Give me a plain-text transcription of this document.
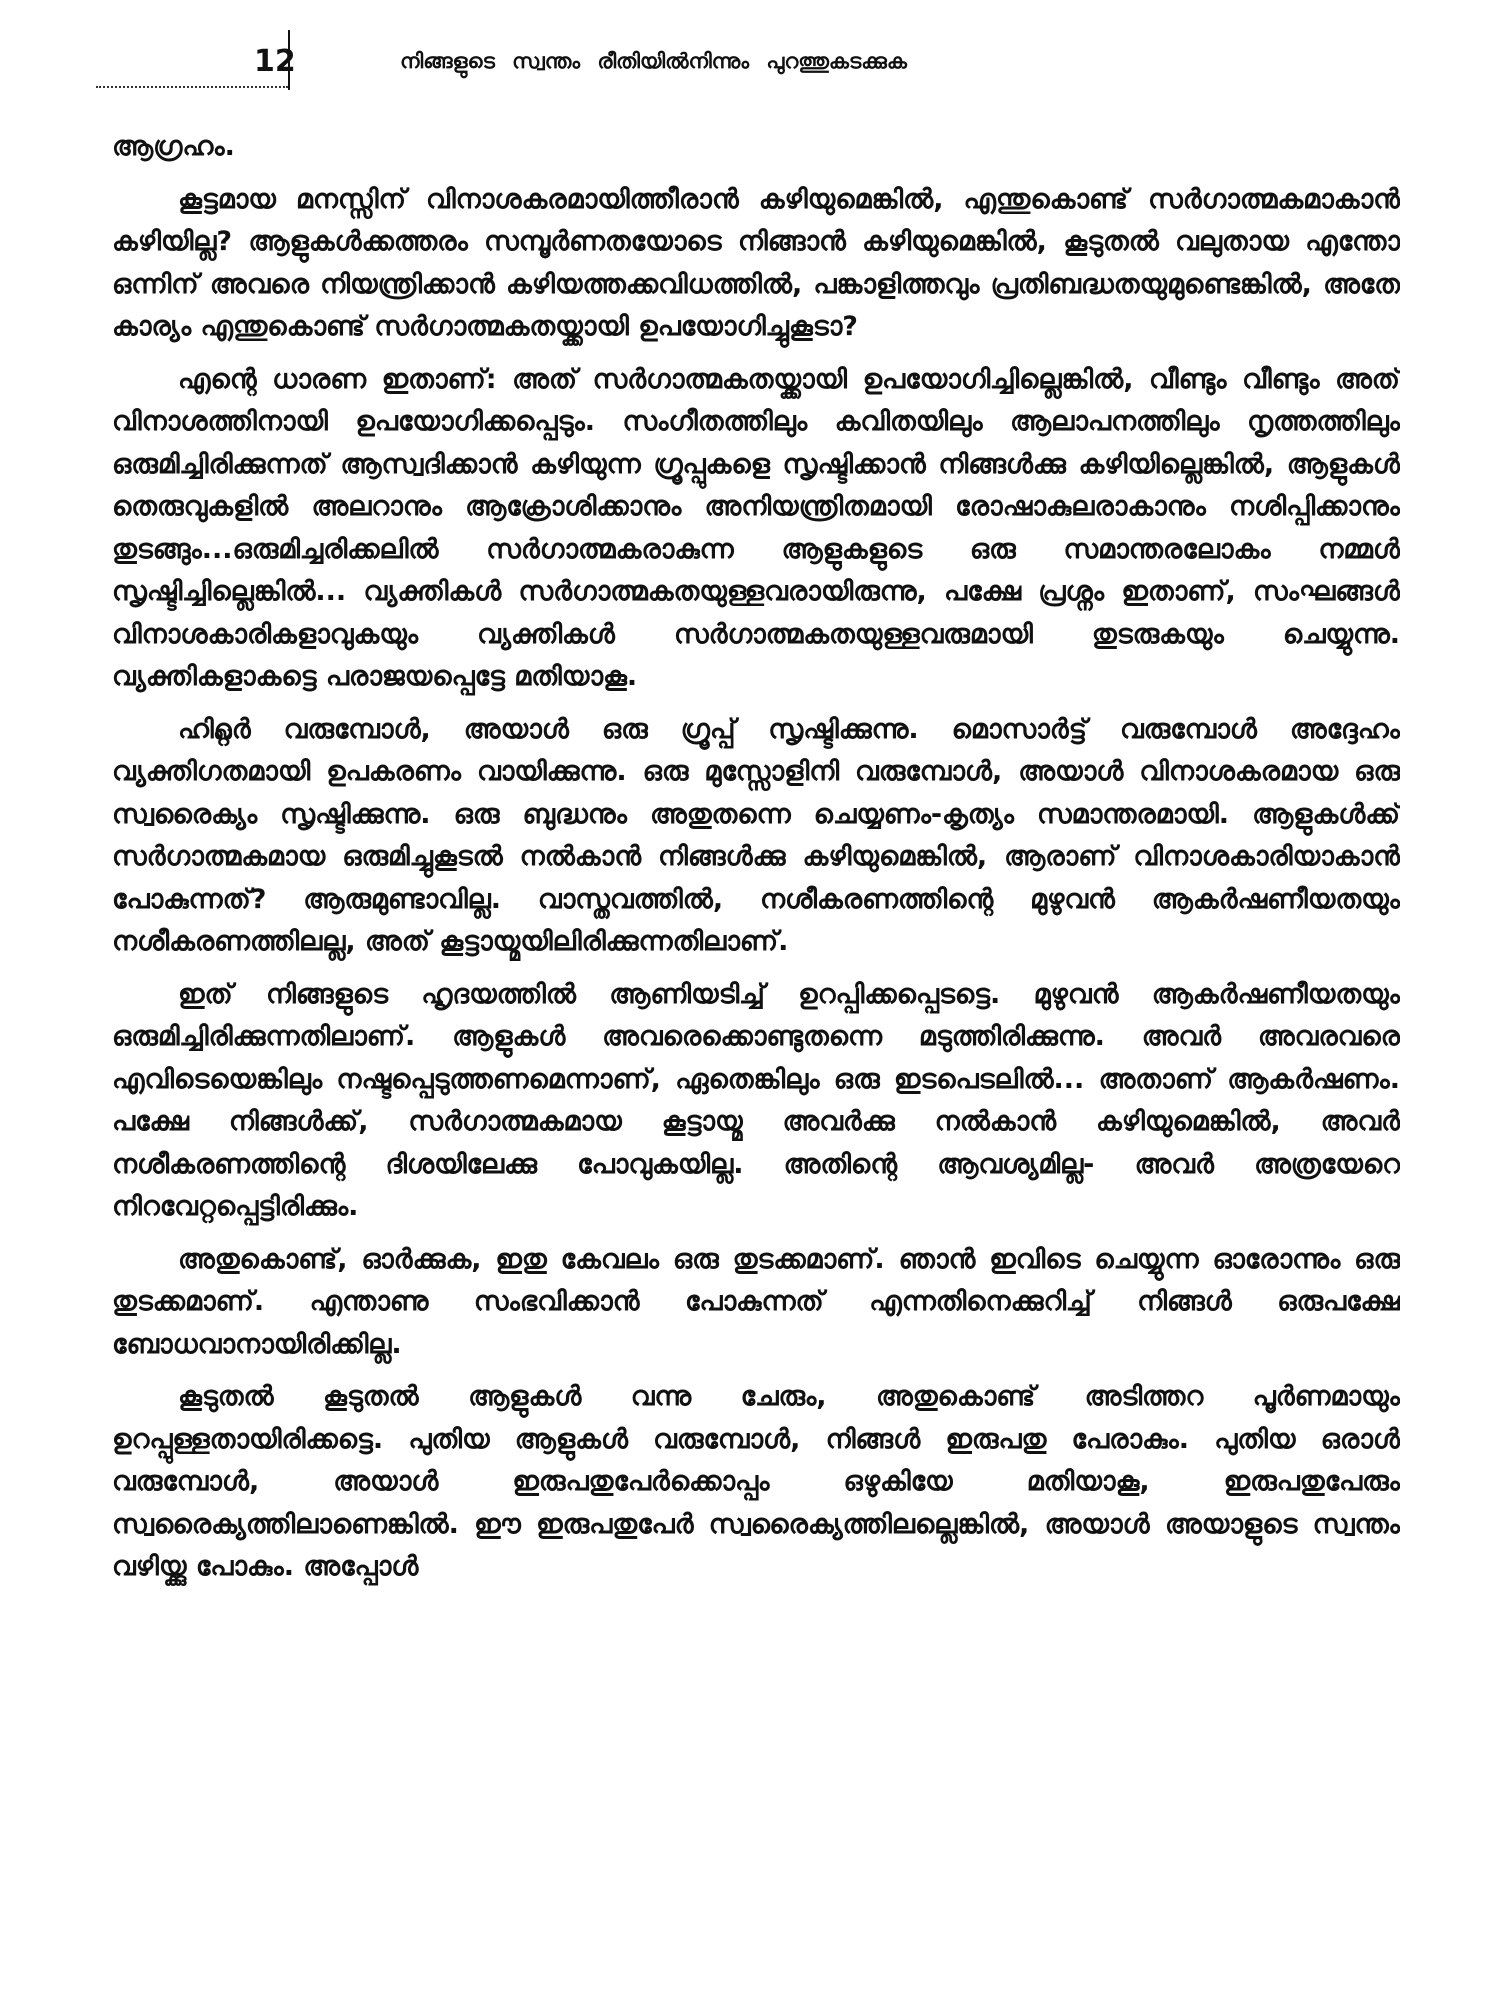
12	നിങ്ങളുടെ സ്വന്തം രീതിയിൽനിന്നും പുറത്തുകടക്കുക

ആഗ്രഹം.

കൂട്ടമായ മനസ്സിന് വിനാശകരമായിത്തീരാൻ കഴിയുമെങ്കിൽ, എന്തുകൊണ്ട് സർഗാത്മകമാകാൻ കഴിയില്ല? ആളുകൾക്കത്തരം സമ്പൂർണതയോടെ നിങ്ങാൻ കഴിയുമെങ്കിൽ, കൂടുതൽ വലുതായ എന്തോ ഒന്നിന് അവരെ നിയന്ത്രിക്കാൻ കഴിയത്തക്കവിധത്തിൽ, പങ്കാളിത്തവും പ്രതിബദ്ധതയുമുണ്ടെങ്കിൽ, അതേ കാര്യം എന്തുകൊണ്ട് സർഗാത്മകതയ്ക്കായി ഉപയോഗിച്ചുകൂടാ?

എന്റെ ധാരണ ഇതാണ്: അത് സർഗാത്മകതയ്ക്കായി ഉപയോഗിച്ചില്ലെങ്കിൽ, വീണ്ടും വീണ്ടും അത് വിനാശത്തിനായി ഉപയോഗിക്കപ്പെടും. സംഗീതത്തിലും കവിതയിലും ആലാപനത്തിലും നൃത്തത്തിലും ഒരുമിച്ചിരിക്കുന്നത് ആസ്വദിക്കാൻ കഴിയുന്ന ഗ്രൂപ്പുകളെ സൃഷ്ടിക്കാൻ നിങ്ങൾക്കു കഴിയില്ലെങ്കിൽ, ആളുകൾ തെരുവുകളിൽ അലറാനും ആക്രോശിക്കാനും അനിയന്ത്രിതമായി രോഷാകുലരാകാനും നശിപ്പിക്കാനും തുടങ്ങും...ഒരുമിച്ചരിക്കലിൽ സർഗാത്മകരാകുന്ന ആളുകളുടെ ഒരു സമാന്തരലോകം നമ്മൾ സൃഷ്ടിച്ചില്ലെങ്കിൽ... വ്യക്തികൾ സർഗാത്മകതയുള്ളവരായിരുന്നു, പക്ഷേ പ്രശ്നം ഇതാണ്, സംഘങ്ങൾ വിനാശകാരികളാവുകയും വ്യക്തികൾ സർഗാത്മകതയുള്ളവരുമായി തുടരുകയും ചെയ്യുന്നു. വ്യക്തികളാകട്ടെ പരാജയപ്പെട്ടേ മതിയാകൂ.

ഹിറ്റ്ലർ വരുമ്പോൾ, അയാൾ ഒരു ഗ്രൂപ്പ് സൃഷ്ടിക്കുന്നു. മൊസാർട്ട് വരുമ്പോൾ അദ്ദേഹം വ്യക്തിഗതമായി ഉപകരണം വായിക്കുന്നു. ഒരു മുസ്സോളിനി വരുമ്പോൾ, അയാൾ വിനാശകരമായ ഒരു സ്വരൈക്യം സൃഷ്ടിക്കുന്നു. ഒരു ബുദ്ധനും അതുതന്നെ ചെയ്യണം-കൃത്യം സമാന്തരമായി. ആളുകൾക്ക് സർഗാത്മകമായ ഒരുമിച്ചുകൂടൽ നൽകാൻ നിങ്ങൾക്കു കഴിയുമെങ്കിൽ, ആരാണ് വിനാശകാരിയാകാൻ പോകുന്നത്? ആരുമുണ്ടാവില്ല. വാസ്തവത്തിൽ, നശീകരണത്തിന്റെ മുഴുവൻ ആകർഷണീയതയും നശീകരണത്തിലല്ല, അത് കൂട്ടായ്മയിലിരിക്കുന്നതിലാണ്.

ഇത് നിങ്ങളുടെ ഹൃദയത്തിൽ ആണിയടിച്ച് ഉറപ്പിക്കപ്പെടട്ടെ. മുഴുവൻ ആകർഷണീയതയും ഒരുമിച്ചിരിക്കുന്നതിലാണ്. ആളുകൾ അവരെക്കൊണ്ടുതന്നെ മടുത്തിരിക്കുന്നു. അവർ അവരവരെ എവിടെയെങ്കിലും നഷ്ടപ്പെടുത്തണമെന്നാണ്, ഏതെങ്കിലും ഒരു ഇടപെടലിൽ... അതാണ് ആകർഷണം. പക്ഷേ നിങ്ങൾക്ക്, സർഗാത്മകമായ കൂട്ടായ്മ അവർക്കു നൽകാൻ കഴിയുമെങ്കിൽ, അവർ നശീകരണത്തിന്റെ ദിശയിലേക്കു പോവുകയില്ല. അതിന്റെ ആവശ്യമില്ല- അവർ അത്രയേറെ നിറവേറ്റപ്പെട്ടിരിക്കും.

അതുകൊണ്ട്, ഓർക്കുക, ഇതു കേവലം ഒരു തുടക്കമാണ്. ഞാൻ ഇവിടെ ചെയ്യുന്ന ഓരോന്നും ഒരു തുടക്കമാണ്. എന്താണു സംഭവിക്കാൻ പോകുന്നത് എന്നതിനെക്കുറിച്ച് നിങ്ങൾ ഒരുപക്ഷേ ബോധവാനായിരിക്കില്ല.

കൂടുതൽ കൂടുതൽ ആളുകൾ വന്നു ചേരും, അതുകൊണ്ട് അടിത്തറ പൂർണമായും ഉറപ്പുള്ളതായിരിക്കട്ടെ. പുതിയ ആളുകൾ വരുമ്പോൾ, നിങ്ങൾ ഇരുപതു പേരാകും. പുതിയ ഒരാൾ വരുമ്പോൾ, അയാൾ ഇരുപതുപേർക്കൊപ്പം ഒഴുകിയേ മതിയാകൂ, ഇരുപതുപേരും സ്വരൈക്യത്തിലാണെങ്കിൽ. ഈ ഇരുപതുപേർ സ്വരൈക്യത്തിലല്ലെങ്കിൽ, അയാൾ അയാളുടെ സ്വന്തം വഴിയ്ക്കു പോകും. അപ്പോൾ
